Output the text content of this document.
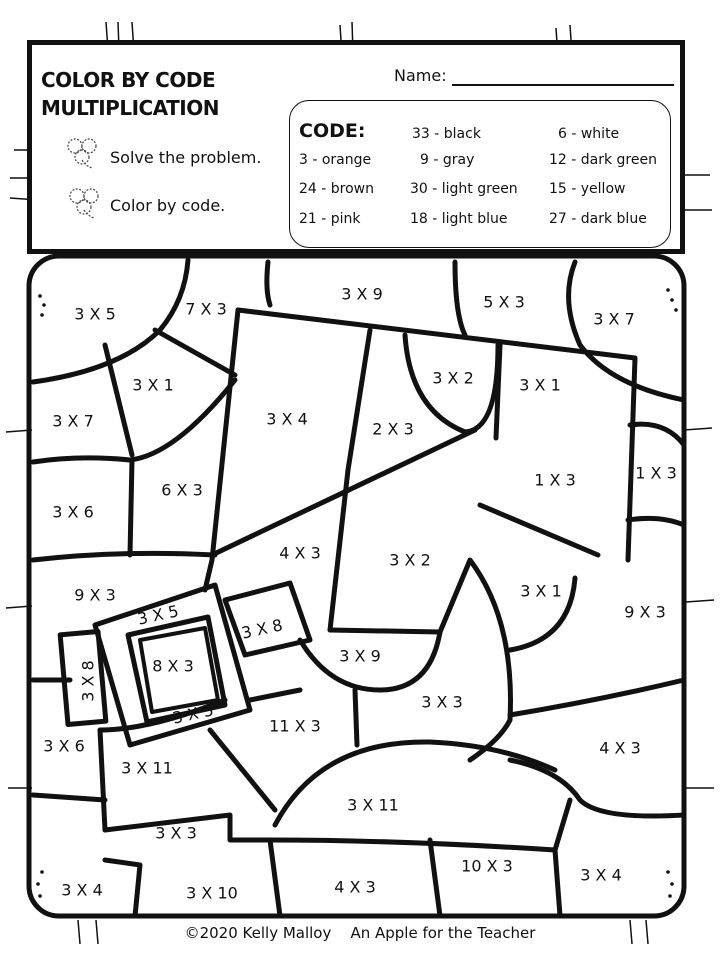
COLOR BY CODE
MULTIPLICATION
Solve the problem.
Color by code.
Name:
CODE:	33 - black	6 - white
3 - orange	9 - gray	12 - dark green
24 - brown	30 - light green 15 - yellow
21 - pink	18 - light blue	27 - dark blue
3 X 5	7 X 3
3 X 9	5 X 3
3 X 7
3 X 1
3 X 7	3 X 4
2 X 3
3 X 2	3 X 1
1 X 3	1 X 3
6 X 3
3 X 6
4 X 3	3 X 2
3 X 1
9 X 3
9 X 3
3 X 5
3 X 8
8 X 3
3 X 8
3 X 9
3 X 5	3 X 3
11 X 3
3 X 6
3 X 11
4 X 3
3 X 11
3 X 3
10 X 3
3 X 4	3 X 10	4 X 3
3 X 4
©2020 Kelly Malloy An Apple for the Teacher
